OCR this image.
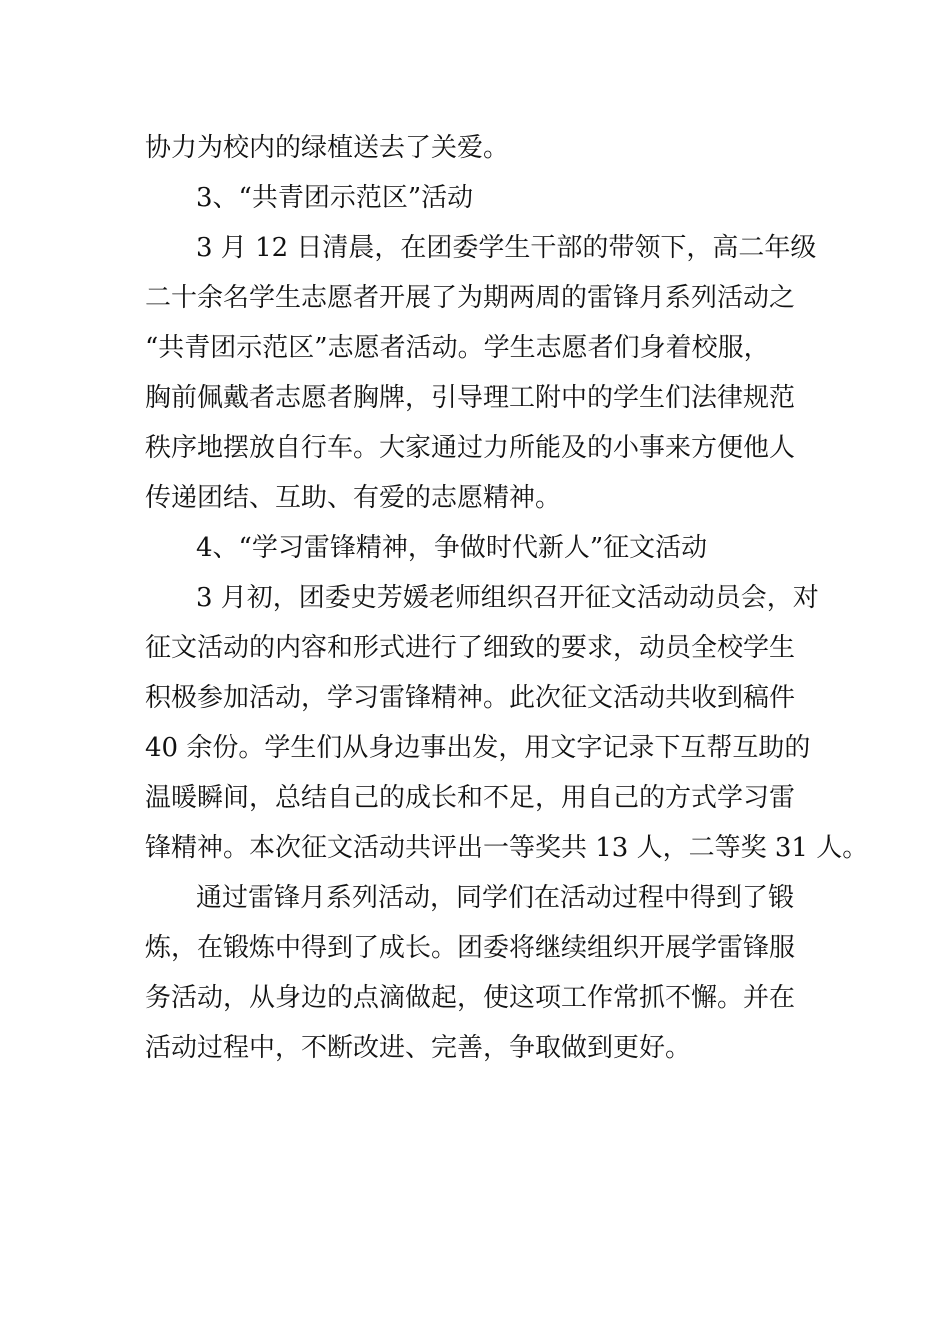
协力为校内的绿植送去了关爱。
3、“共青团示范区”活动
3 月 12 日清晨，在团委学生干部的带领下，高二年级
二十余名学生志愿者开展了为期两周的雷锋月系列活动之
“共青团示范区”志愿者活动。学生志愿者们身着校服，
胸前佩戴者志愿者胸牌，引导理工附中的学生们法律规范
秩序地摆放自行车。大家通过力所能及的小事来方便他人
传递团结、互助、有爱的志愿精神。
4、“学习雷锋精神，争做时代新人”征文活动
3 月初，团委史芳媛老师组织召开征文活动动员会，对
征文活动的内容和形式进行了细致的要求，动员全校学生
积极参加活动，学习雷锋精神。此次征文活动共收到稿件
40 余份。学生们从身边事出发，用文字记录下互帮互助的
温暖瞬间，总结自己的成长和不足，用自己的方式学习雷
锋精神。本次征文活动共评出一等奖共 13 人，二等奖 31 人。
通过雷锋月系列活动，同学们在活动过程中得到了锻
炼，在锻炼中得到了成长。团委将继续组织开展学雷锋服
务活动，从身边的点滴做起，使这项工作常抓不懈。并在
活动过程中，不断改进、完善，争取做到更好。
